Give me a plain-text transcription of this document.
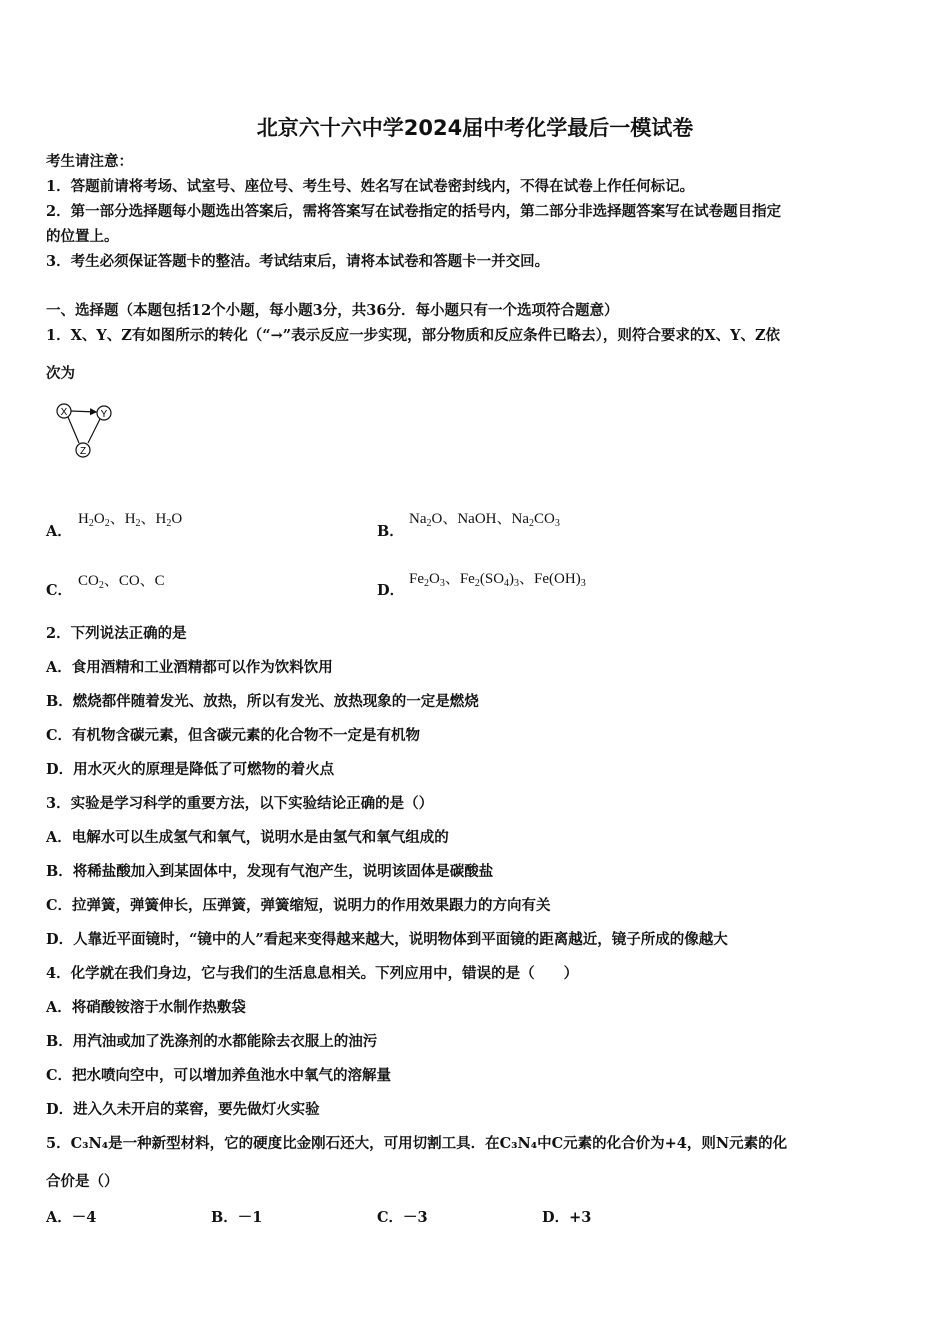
北京六十六中学2024届中考化学最后一模试卷
考生请注意：
1．答题前请将考场、试室号、座位号、考生号、姓名写在试卷密封线内，不得在试卷上作任何标记。
2．第一部分选择题每小题选出答案后，需将答案写在试卷指定的括号内，第二部分非选择题答案写在试卷题目指定
的位置上。
3．考生必须保证答题卡的整洁。考试结束后，请将本试卷和答题卡一并交回。
一、选择题（本题包括12个小题，每小题3分，共36分．每小题只有一个选项符合题意）
1．X、Y、Z有如图所示的转化（“→”表示反应一步实现，部分物质和反应条件已略去），则符合要求的X、Y、Z依
次为
X	Y
Z
A．
$H_2O_2$、$H_2$、$H_2O$
B．
$Na_2O$、NaOH、$Na_2CO_3$
C．
$CO_2$、CO、C
D．
$Fe_2O_3$、$Fe_2(SO_4)_3$、$Fe(OH)_3$
2．下列说法正确的是
A．食用酒精和工业酒精都可以作为饮料饮用
B．燃烧都伴随着发光、放热，所以有发光、放热现象的一定是燃烧
C．有机物含碳元素，但含碳元素的化合物不一定是有机物
D．用水灭火的原理是降低了可燃物的着火点
3．实验是学习科学的重要方法，以下实验结论正确的是（）
A．电解水可以生成氢气和氧气，说明水是由氢气和氧气组成的
B．将稀盐酸加入到某固体中，发现有气泡产生，说明该固体是碳酸盐
C．拉弹簧，弹簧伸长，压弹簧，弹簧缩短，说明力的作用效果跟力的方向有关
D．人靠近平面镜时，“镜中的人”看起来变得越来越大，说明物体到平面镜的距离越近，镜子所成的像越大
4．化学就在我们身边，它与我们的生活息息相关。下列应用中，错误的是（　　）
A．将硝酸铵溶于水制作热敷袋
B．用汽油或加了洗涤剂的水都能除去衣服上的油污
C．把水喷向空中，可以增加养鱼池水中氧气的溶解量
D．进入久未开启的菜窖，要先做灯火实验
5．C₃N₄是一种新型材料，它的硬度比金刚石还大，可用切割工具．在C₃N₄中C元素的化合价为+4，则N元素的化
合价是（）
A．－4	B．－1	C．－3	D．+3
